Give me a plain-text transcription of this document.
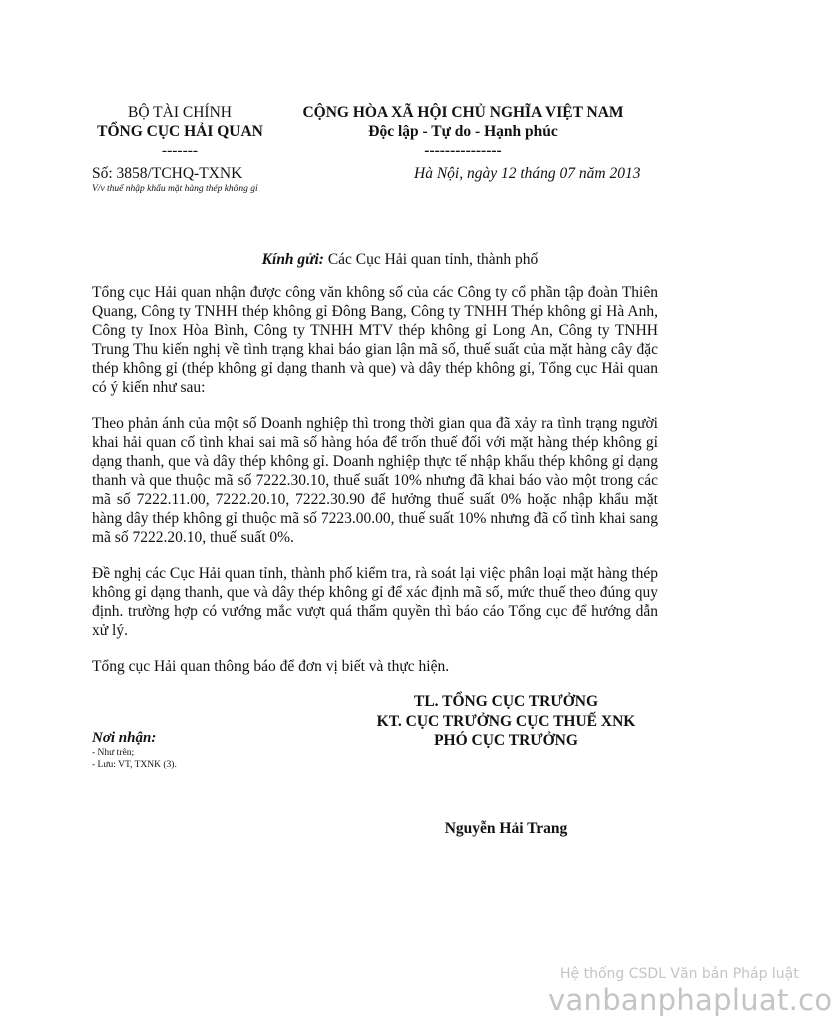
BỘ TÀI CHÍNH
TỔNG CỤC HẢI QUAN
-------
CỘNG HÒA XÃ HỘI CHỦ NGHĨA VIỆT NAM
Độc lập - Tự do - Hạnh phúc
---------------
Số: 3858/TCHQ-TXNK
V/v thuế nhập khẩu mặt hàng thép không gỉ
Hà Nội, ngày 12 tháng 07 năm 2013
Kính gửi: Các Cục Hải quan tỉnh, thành phố

Tổng cục Hải quan nhận được công văn không số của các Công ty cổ phần tập đoàn Thiên Quang, Công ty TNHH thép không gỉ Đông Bang, Công ty TNHH Thép không gỉ Hà Anh, Công ty Inox Hòa Bình, Công ty TNHH MTV thép không gỉ Long An, Công ty TNHH Trung Thu kiến nghị về tình trạng khai báo gian lận mã số, thuế suất của mặt hàng cây đặc thép không gỉ (thép không gỉ dạng thanh và que) và dây thép không gỉ, Tổng cục Hải quan có ý kiến như sau:

Theo phản ánh của một số Doanh nghiệp thì trong thời gian qua đã xảy ra tình trạng người khai hải quan cố tình khai sai mã số hàng hóa để trốn thuế đối với mặt hàng thép không gỉ dạng thanh, que và dây thép không gỉ. Doanh nghiệp thực tế nhập khẩu thép không gỉ dạng thanh và que thuộc mã số 7222.30.10, thuế suất 10% nhưng đã khai báo vào một trong các mã số 7222.11.00, 7222.20.10, 7222.30.90 để hưởng thuế suất 0% hoặc nhập khẩu mặt hàng dây thép không gỉ thuộc mã số 7223.00.00, thuế suất 10% nhưng đã cố tình khai sang mã số 7222.20.10, thuế suất 0%.

Đề nghị các Cục Hải quan tỉnh, thành phố kiểm tra, rà soát lại việc phân loại mặt hàng thép không gỉ dạng thanh, que và dây thép không gỉ để xác định mã số, mức thuế theo đúng quy định. trường hợp có vướng mắc vượt quá thẩm quyền thì báo cáo Tổng cục để hướng dẫn xử lý.

Tổng cục Hải quan thông báo để đơn vị biết và thực hiện.

TL. TỔNG CỤC TRƯỞNG
KT. CỤC TRƯỞNG CỤC THUẾ XNK
PHÓ CỤC TRƯỞNG
Nguyễn Hải Trang
Nơi nhận:
- Như trên;
- Lưu: VT, TXNK (3).
Hệ thống CSDL Văn bản Pháp luật
vanbanphapluat.co
